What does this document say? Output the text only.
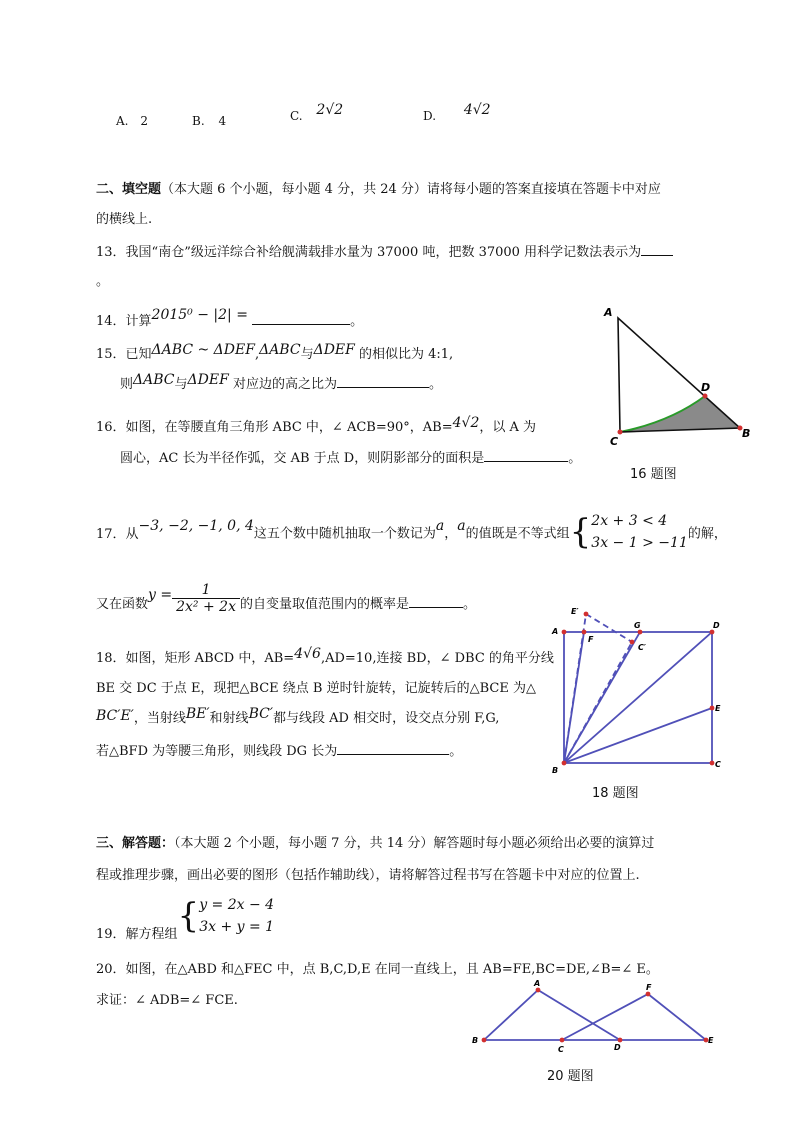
A. 2	B. 4	C. 2√2	D. 4√2
二、填空题（本大题 6 个小题，每小题 4 分，共 24 分）请将每小题的答案直接填在答题卡中对应
的横线上.
13．我国“南仓”级远洋综合补给舰满载排水量为 37000 吨，把数 37000 用科学记数法表示为
。
14．计算2015⁰ − |2| =	。
15．已知ΔABC ~ ΔDEF,ΔABC与ΔDEF 的相似比为 4:1,
则ΔABC与ΔDEF 对应边的高之比为	。
16．如图，在等腰直角三角形 ABC 中，∠ ACB=90°，AB=4√2，以 A 为
圆心，AC 长为半径作弧，交 AB 于点 D，则阴影部分的面积是	。
A
D
C
B
16 题图
17．从−3, −2, −1, 0, 4这五个数中随机抽取一个数记为a，a的值既是不等式组{ 2x + 3 < 4
3x − 1 > −11
的解，
又在函数$y = \frac{1}{\text{2x² + 2x}}$ 的自变量取值范围内的概率是	。
18．如图，矩形 ABCD 中，AB=4√6,AD=10,连接 BD，∠ DBC 的角平分线
BE 交 DC 于点 E，现把△BCE 绕点 B 逆时针旋转，记旋转后的△BCE 为△
BC′E′，当射线BE′和射线BC′都与线段 AD 相交时，设交点分别 F,G,
若△BFD 为等腰三角形，则线段 DG 长为	。
A
E′
F
G	D
C′
E
B
C
18 题图
三、解答题：（本大题 2 个小题，每小题 7 分，共 14 分）解答题时每小题必须给出必要的演算过
程或推理步骤，画出必要的图形（包括作辅助线），请将解答过程书写在答题卡中对应的位置上.
19．解方程组{ y = 2x − 4
3x + y = 1
20．如图，在△ABD 和△FEC 中，点 B,C,D,E 在同一直线上，且 AB=FE,BC=DE,∠B=∠ E。
求证：∠ ADB=∠ FCE.
A	F
B
C	D
E
20 题图
